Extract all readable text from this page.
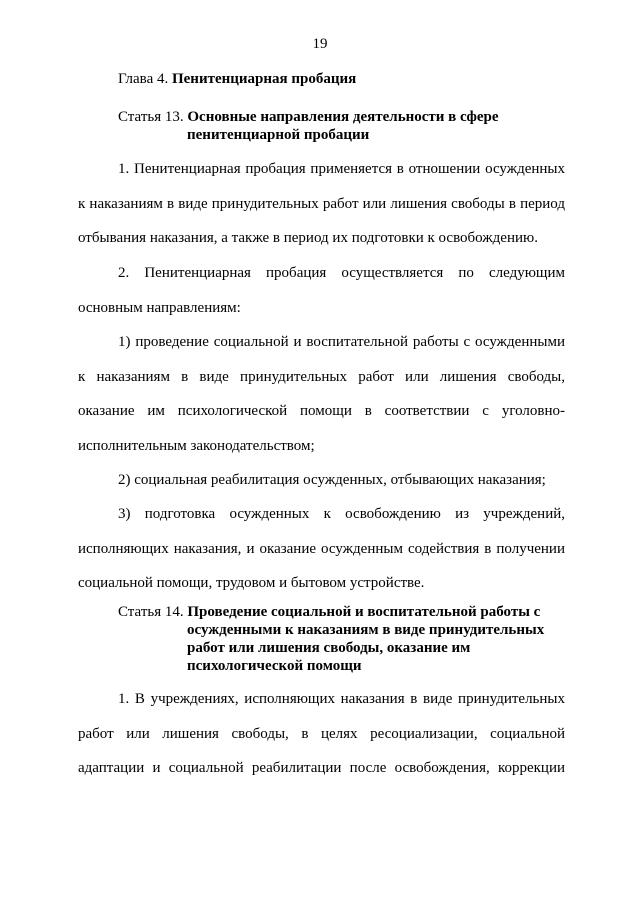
19
Глава 4. Пенитенциарная пробация
Статья 13. Основные направления деятельности в сфере
пенитенциарной пробации
1. Пенитенциарная пробация применяется в отношении осужденных
к наказаниям в виде принудительных работ или лишения свободы в период
отбывания наказания, а также в период их подготовки к освобождению.
2. Пенитенциарная пробация осуществляется по следующим
основным направлениям:
1) проведение социальной и воспитательной работы с осужденными
к наказаниям в виде принудительных работ или лишения свободы,
оказание им психологической помощи в соответствии с уголовно-
исполнительным законодательством;
2) социальная реабилитация осужденных, отбывающих наказания;
3) подготовка осужденных к освобождению из учреждений,
исполняющих наказания, и оказание осужденным содействия в получении
социальной помощи, трудовом и бытовом устройстве.
Статья 14. Проведение социальной и воспитательной работы с
осужденными к наказаниям в виде принудительных
работ или лишения свободы, оказание им
психологической помощи
1. В учреждениях, исполняющих наказания в виде принудительных
работ или лишения свободы, в целях ресоциализации, социальной
адаптации и социальной реабилитации после освобождения, коррекции
